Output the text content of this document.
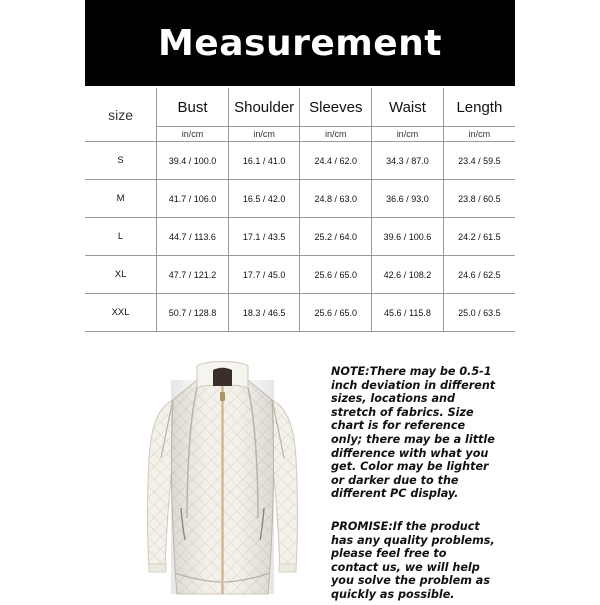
Measurement
size	Bust	Shoulder	Sleeves	Waist	Length
	in/cm	in/cm	in/cm	in/cm	in/cm
S	39.4 / 100.0	16.1 / 41.0	24.4 / 62.0	34.3 / 87.0	23.4 / 59.5
M	41.7 / 106.0	16.5 / 42.0	24.8 / 63.0	36.6 / 93.0	23.8 / 60.5
L	44.7 / 113.6	17.1 / 43.5	25.2 / 64.0	39.6 / 100.6	24.2 / 61.5
XL	47.7 / 121.2	17.7 / 45.0	25.6 / 65.0	42.6 / 108.2	24.6 / 62.5
XXL	50.7 / 128.8	18.3 / 46.5	25.6 / 65.0	45.6 / 115.8	25.0 / 63.5

NOTE:There may be 0.5-1 inch deviation in different sizes, locations and stretch of fabrics. Size chart is for reference only; there may be a little difference with what you get. Color may be lighter or darker due to the different PC display.

PROMISE:If the product has any quality problems, please feel free to contact us, we will help you solve the problem as quickly as possible.
